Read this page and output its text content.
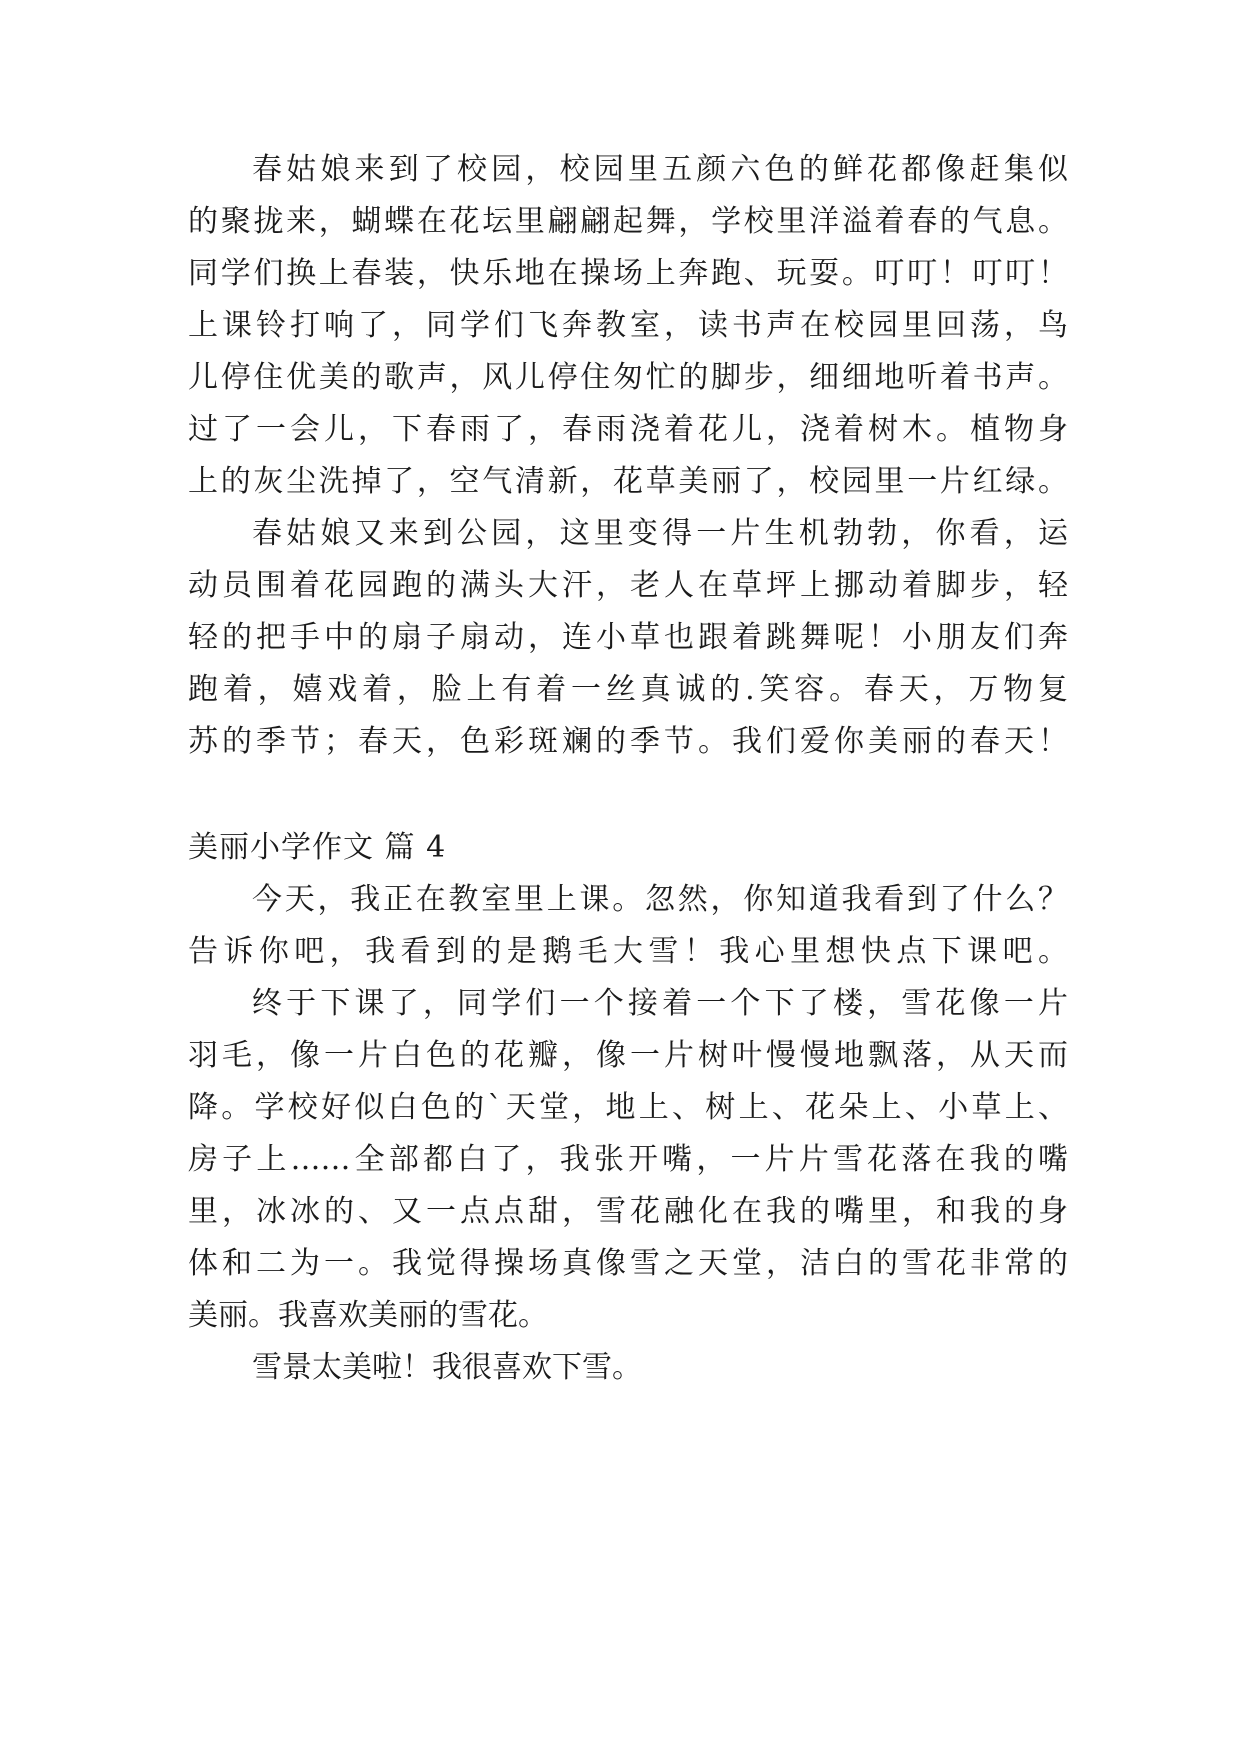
春姑娘来到了校园，校园里五颜六色的鲜花都像赶集似
的聚拢来，蝴蝶在花坛里翩翩起舞，学校里洋溢着春的气息。
同学们换上春装，快乐地在操场上奔跑、玩耍。叮叮！叮叮！
上课铃打响了，同学们飞奔教室，读书声在校园里回荡，鸟
儿停住优美的歌声，风儿停住匆忙的脚步，细细地听着书声。
过了一会儿，下春雨了，春雨浇着花儿，浇着树木。植物身
上的灰尘洗掉了，空气清新，花草美丽了，校园里一片红绿。
春姑娘又来到公园，这里变得一片生机勃勃，你看，运
动员围着花园跑的满头大汗，老人在草坪上挪动着脚步，轻
轻的把手中的扇子扇动，连小草也跟着跳舞呢！小朋友们奔
跑着，嬉戏着，脸上有着一丝真诚的.笑容。春天，万物复
苏的季节；春天，色彩斑斓的季节。我们爱你美丽的春天！
美丽小学作文 篇 4
今天，我正在教室里上课。忽然，你知道我看到了什么？
告诉你吧，我看到的是鹅毛大雪！我心里想快点下课吧。
终于下课了，同学们一个接着一个下了楼，雪花像一片
羽毛，像一片白色的花瓣，像一片树叶慢慢地飘落，从天而
降。学校好似白色的`天堂，地上、树上、花朵上、小草上、
房子上……全部都白了，我张开嘴，一片片雪花落在我的嘴
里，冰冰的、又一点点甜，雪花融化在我的嘴里，和我的身
体和二为一。我觉得操场真像雪之天堂，洁白的雪花非常的
美丽。我喜欢美丽的雪花。
雪景太美啦！我很喜欢下雪。
